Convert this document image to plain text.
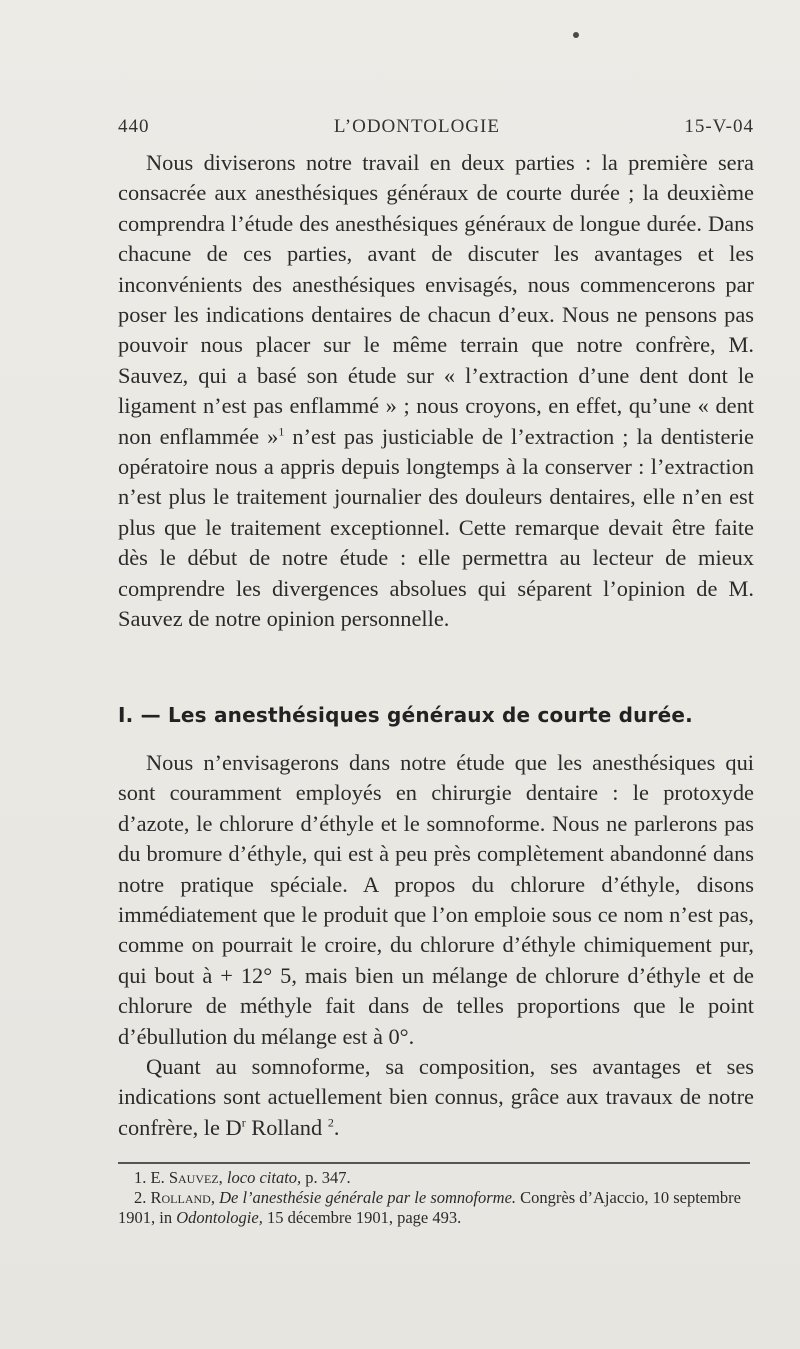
440	L’ODONTOLOGIE	15-V-04

Nous diviserons notre travail en deux parties : la première sera consacrée aux anesthésiques généraux de courte durée ; la deuxième comprendra l’étude des anesthésiques généraux de longue durée. Dans chacune de ces parties, avant de discuter les avantages et les inconvénients des anesthésiques envisagés, nous commencerons par poser les indications dentaires de chacun d’eux. Nous ne pensons pas pouvoir nous placer sur le même terrain que notre confrère, M. Sauvez, qui a basé son étude sur « l’extraction d’une dent dont le ligament n’est pas enflammé » ; nous croyons, en effet, qu’une « dent non enflammée »$^1$ n’est pas justiciable de l’extraction ; la dentisterie opératoire nous a appris depuis longtemps à la conserver : l’extraction n’est plus le traitement journalier des douleurs dentaires, elle n’en est plus que le traitement exceptionnel. Cette remarque devait être faite dès le début de notre étude : elle permettra au lecteur de mieux comprendre les divergences absolues qui séparent l’opinion de M. Sauvez de notre opinion personnelle.

I. — Les anesthésiques généraux de courte durée.

Nous n’envisagerons dans notre étude que les anesthésiques qui sont couramment employés en chirurgie dentaire : le protoxyde d’azote, le chlorure d’éthyle et le somnoforme. Nous ne parlerons pas du bromure d’éthyle, qui est à peu près complètement abandonné dans notre pratique spéciale. A propos du chlorure d’éthyle, disons immédiatement que le produit que l’on emploie sous ce nom n’est pas, comme on pourrait le croire, du chlorure d’éthyle chimiquement pur, qui bout à + 12° 5, mais bien un mélange de chlorure d’éthyle et de chlorure de méthyle fait dans de telles proportions que le point d’ébullution du mélange est à 0°.

Quant au somnoforme, sa composition, ses avantages et ses indications sont actuellement bien connus, grâce aux travaux de notre confrère, le $D^r$ Rolland $^2$.

1. E. Sauvez, loco citato, p. 347.

2. Rolland, De l’anesthésie générale par le somnoforme. Congrès d’Ajaccio, 10 septembre 1901, in Odontologie, 15 décembre 1901, page 493.
